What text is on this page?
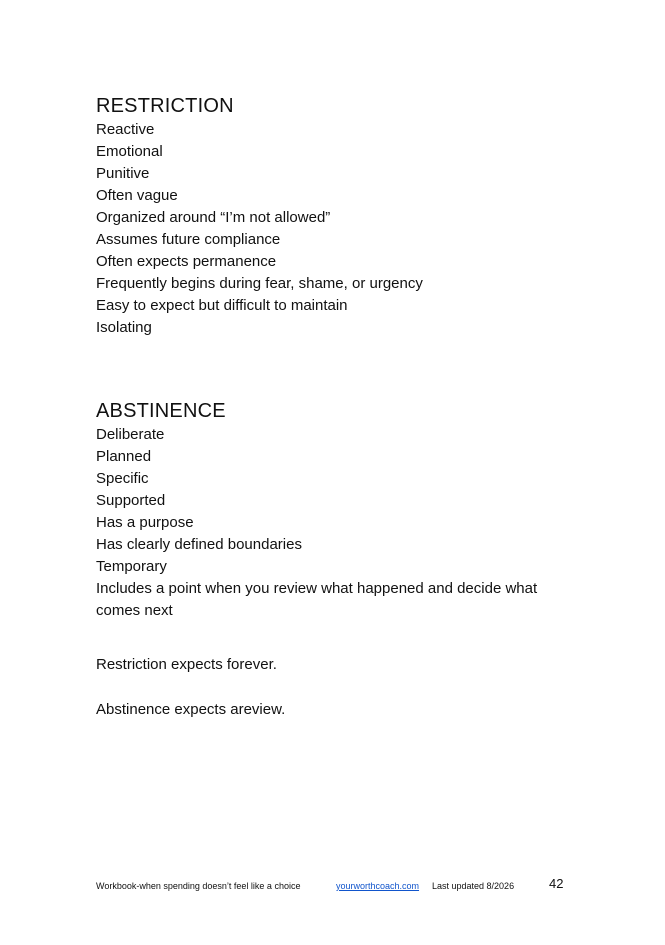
RESTRICTION
Reactive
Emotional
Punitive
Often vague
Organized around “I’m not allowed”
Assumes future compliance
Often expects permanence
Frequently begins during fear, shame, or urgency
Easy to expect but difficult to maintain
Isolating
ABSTINENCE
Deliberate
Planned
Specific
Supported
Has a purpose
Has clearly defined boundaries
Temporary
Includes a point when you review what happened and decide what comes next

Restriction expects forever.

Abstinence expects areview.

Workbook-when spending doesn’t feel like a choice	yourworthcoach.com Last updated 8/2026	42
